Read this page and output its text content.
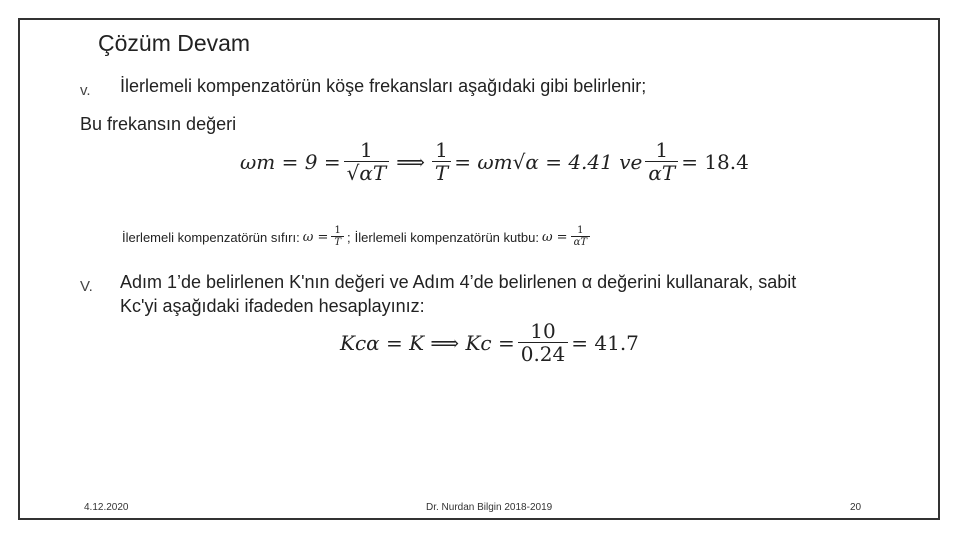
Çözüm Devam
v. İlerlemeli kompenzatörün köşe frekansları aşağıdaki gibi belirlenir;
Bu frekansın değeri
$\omega m = 9 = \frac{1}{√\alpha T}$ ⟹ $\frac{1}{T} = \omega m√\alpha = 4.41$ ve $\frac{1}{\alpha T} = 18.4$
İlerlemeli kompenzatörün sıfırı: $\omega = \frac{1}{T}$ ; İlerlemeli kompenzatörün kutbu: $\omega = \frac{1}{\alpha T}$
V. Adım 1’de belirlenen K'nın değeri ve Adım 4’de belirlenen α değerini kullanarak, sabit
Kc'yi aşağıdaki ifadeden hesaplayınız:
Kcα = K ⟹ $Kc = \frac{10}{0.24} = 41.7$
4.12.2020	Dr. Nurdan Bilgin 2018-2019	20
